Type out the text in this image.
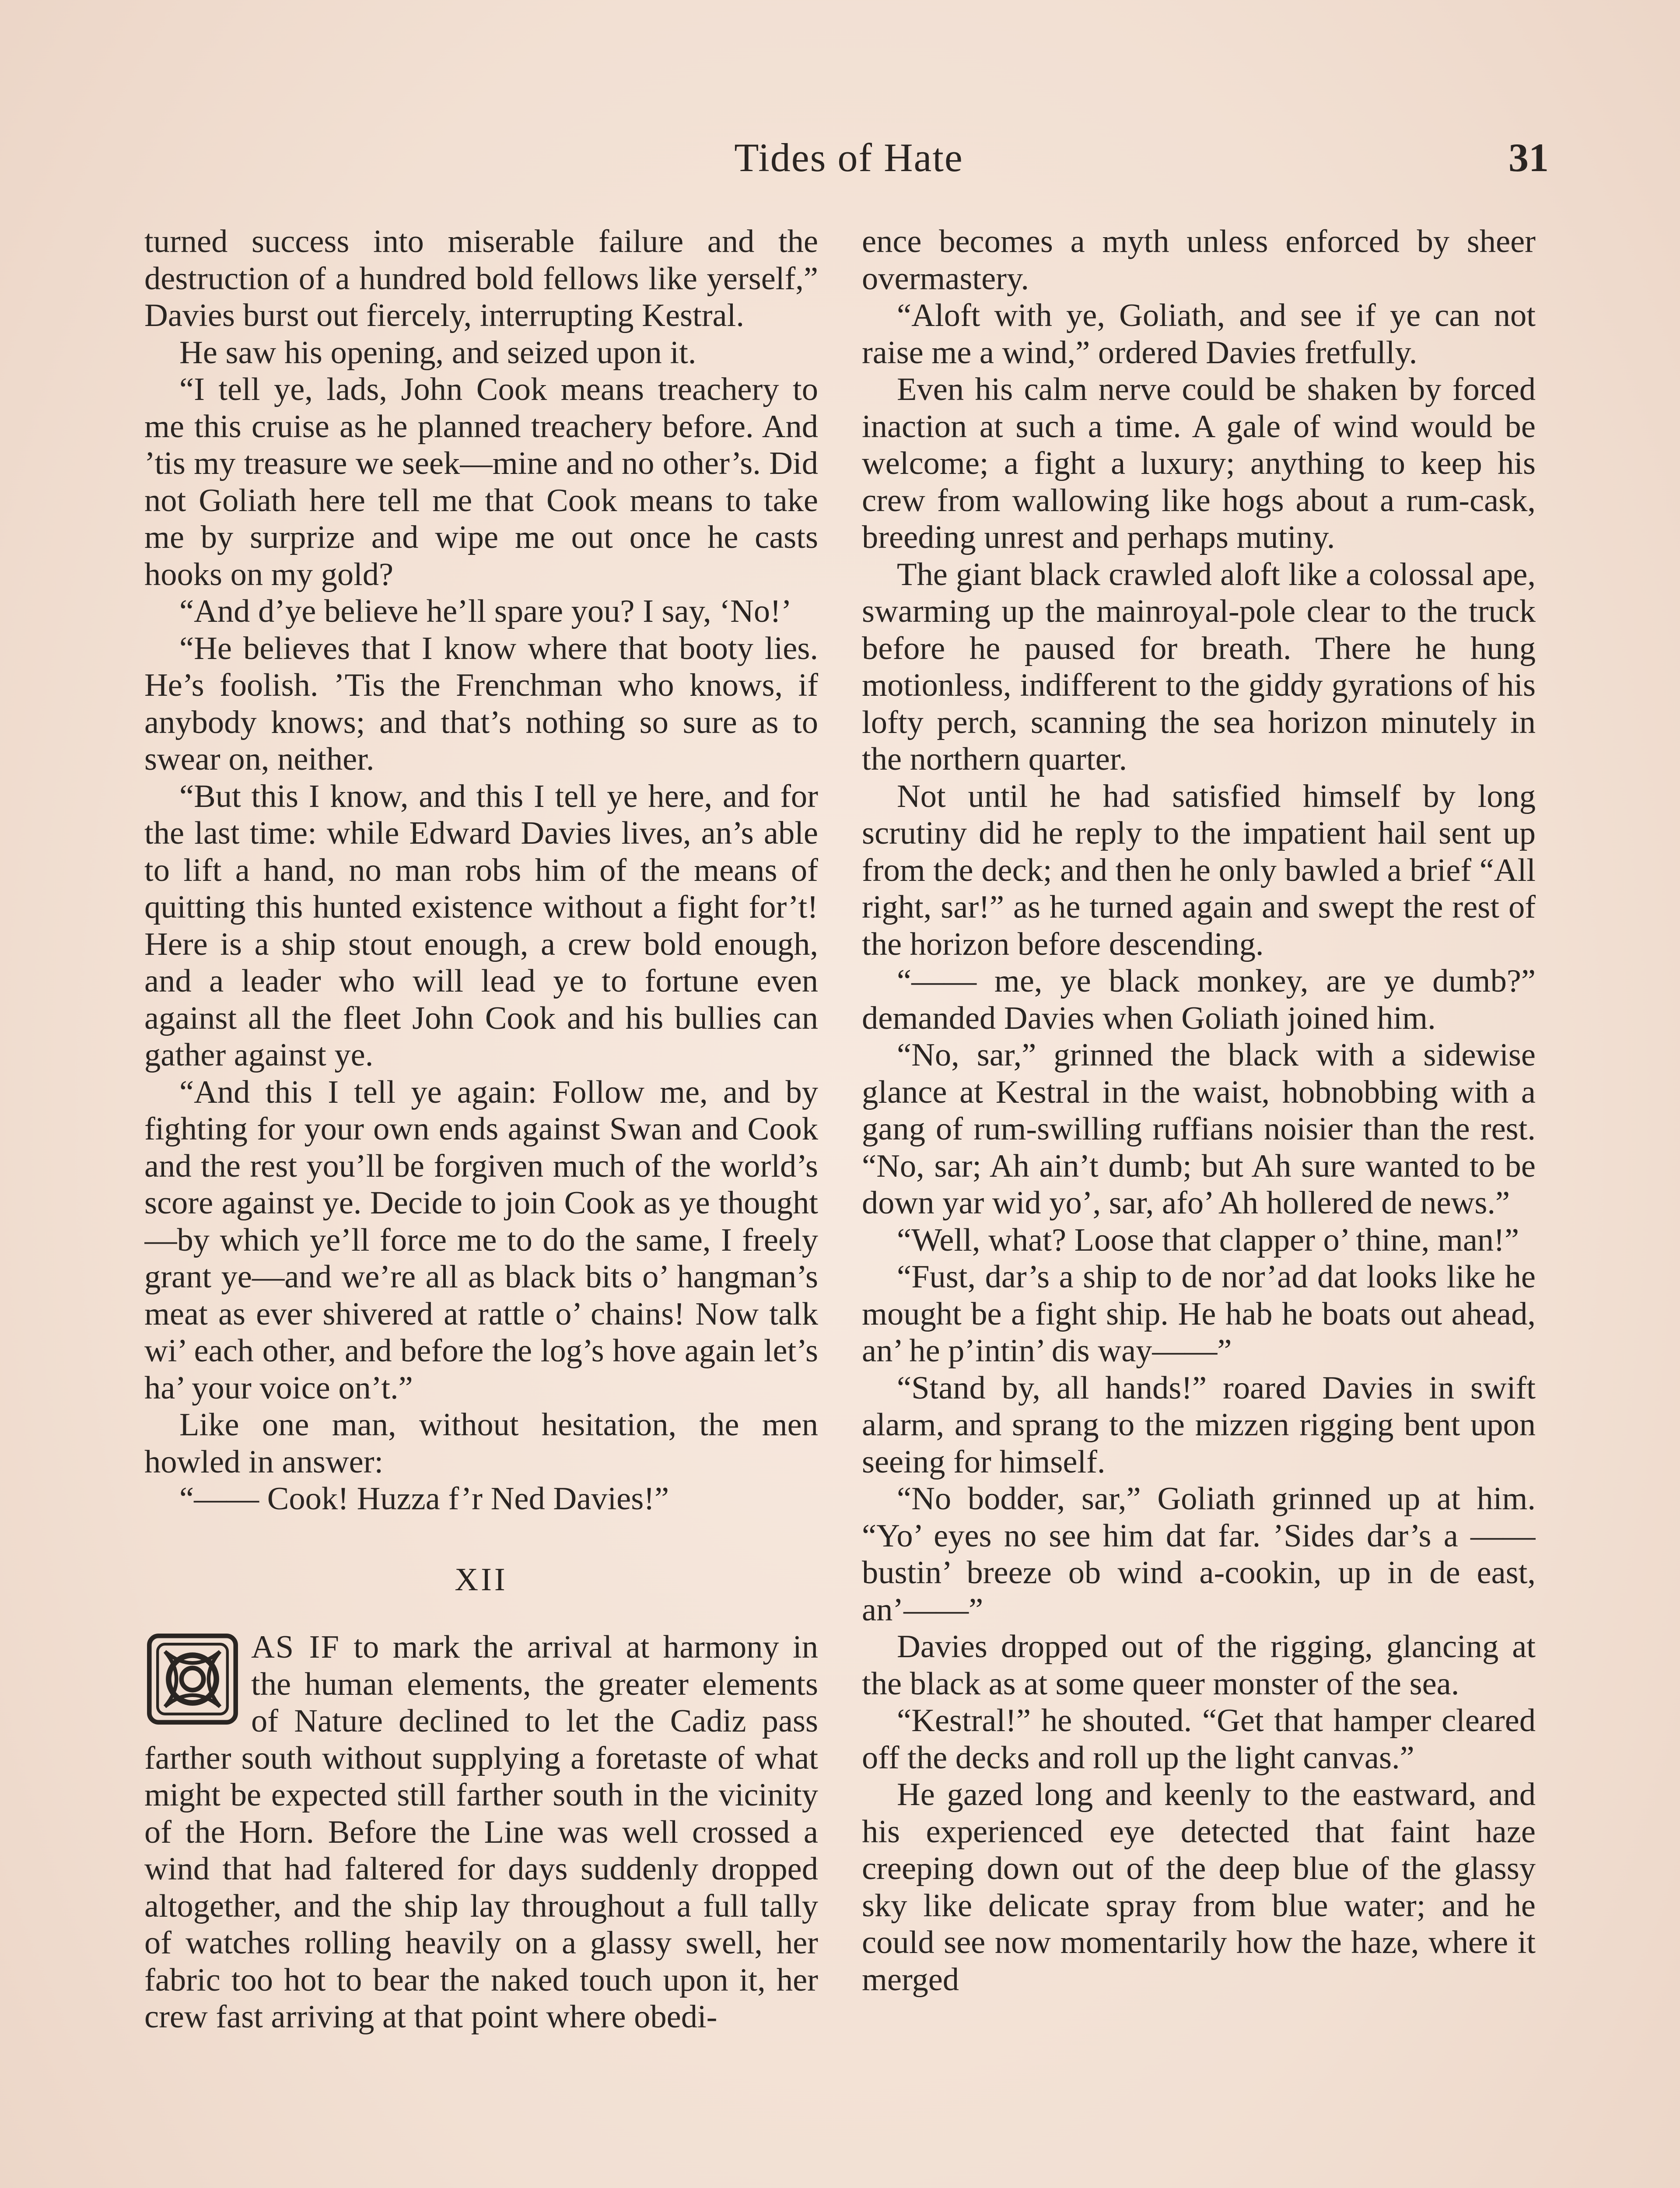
Tides of Hate	31

turned success into miserable failure and the destruction of a hundred bold fellows like yerself,” Davies burst out fiercely, interrupting Kestral.

He saw his opening, and seized upon it.

“I tell ye, lads, John Cook means treachery to me this cruise as he planned treachery before. And ’tis my treasure we seek—mine and no other’s. Did not Goliath here tell me that Cook means to take me by surprize and wipe me out once he casts hooks on my gold?

“And d’ye believe he’ll spare you? I say, ‘No!’

“He believes that I know where that booty lies. He’s foolish. ’Tis the Frenchman who knows, if anybody knows; and that’s nothing so sure as to swear on, neither.

“But this I know, and this I tell ye here, and for the last time: while Edward Davies lives, an’s able to lift a hand, no man robs him of the means of quitting this hunted existence without a fight for’t! Here is a ship stout enough, a crew bold enough, and a leader who will lead ye to fortune even against all the fleet John Cook and his bullies can gather against ye.

“And this I tell ye again: Follow me, and by fighting for your own ends against Swan and Cook and the rest you’ll be forgiven much of the world’s score against ye. Decide to join Cook as ye thought—by which ye’ll force me to do the same, I freely grant ye—and we’re all as black bits o’ hangman’s meat as ever shivered at rattle o’ chains! Now talk wi’ each other, and before the log’s hove again let’s ha’ your voice on’t.”

Like one man, without hesitation, the men howled in answer:

“—— Cook! Huzza f’r Ned Davies!”

XII

AS IF to mark the arrival at harmony in the human elements, the greater elements of Nature declined to let the Cadiz pass farther south without supplying a foretaste of what might be expected still farther south in the vicinity of the Horn. Before the Line was well crossed a wind that had faltered for days suddenly dropped altogether, and the ship lay throughout a full tally of watches rolling heavily on a glassy swell, her fabric too hot to bear the naked touch upon it, her crew fast arriving at that point where obedi-

ence becomes a myth unless enforced by sheer overmastery.

“Aloft with ye, Goliath, and see if ye can not raise me a wind,” ordered Davies fretfully.

Even his calm nerve could be shaken by forced inaction at such a time. A gale of wind would be welcome; a fight a luxury; anything to keep his crew from wallowing like hogs about a rum-cask, breeding unrest and perhaps mutiny.

The giant black crawled aloft like a colossal ape, swarming up the mainroyal-pole clear to the truck before he paused for breath. There he hung motionless, indifferent to the giddy gyrations of his lofty perch, scanning the sea horizon minutely in the northern quarter.

Not until he had satisfied himself by long scrutiny did he reply to the impatient hail sent up from the deck; and then he only bawled a brief “All right, sar!” as he turned again and swept the rest of the horizon before descending.

“—— me, ye black monkey, are ye dumb?” demanded Davies when Goliath joined him.

“No, sar,” grinned the black with a sidewise glance at Kestral in the waist, hobnobbing with a gang of rum-swilling ruffians noisier than the rest. “No, sar; Ah ain’t dumb; but Ah sure wanted to be down yar wid yo’, sar, afo’ Ah hollered de news.”

“Well, what? Loose that clapper o’ thine, man!”

“Fust, dar’s a ship to de nor’ad dat looks like he mought be a fight ship. He hab he boats out ahead, an’ he p’intin’ dis way——”

“Stand by, all hands!” roared Davies in swift alarm, and sprang to the mizzen rigging bent upon seeing for himself.

“No bodder, sar,” Goliath grinned up at him. “Yo’ eyes no see him dat far. ’Sides dar’s a —— bustin’ breeze ob wind a-cookin, up in de east, an’——”

Davies dropped out of the rigging, glancing at the black as at some queer monster of the sea.

“Kestral!” he shouted. “Get that hamper cleared off the decks and roll up the light canvas.”

He gazed long and keenly to the eastward, and his experienced eye detected that faint haze creeping down out of the deep blue of the glassy sky like delicate spray from blue water; and he could see now momentarily how the haze, where it merged
